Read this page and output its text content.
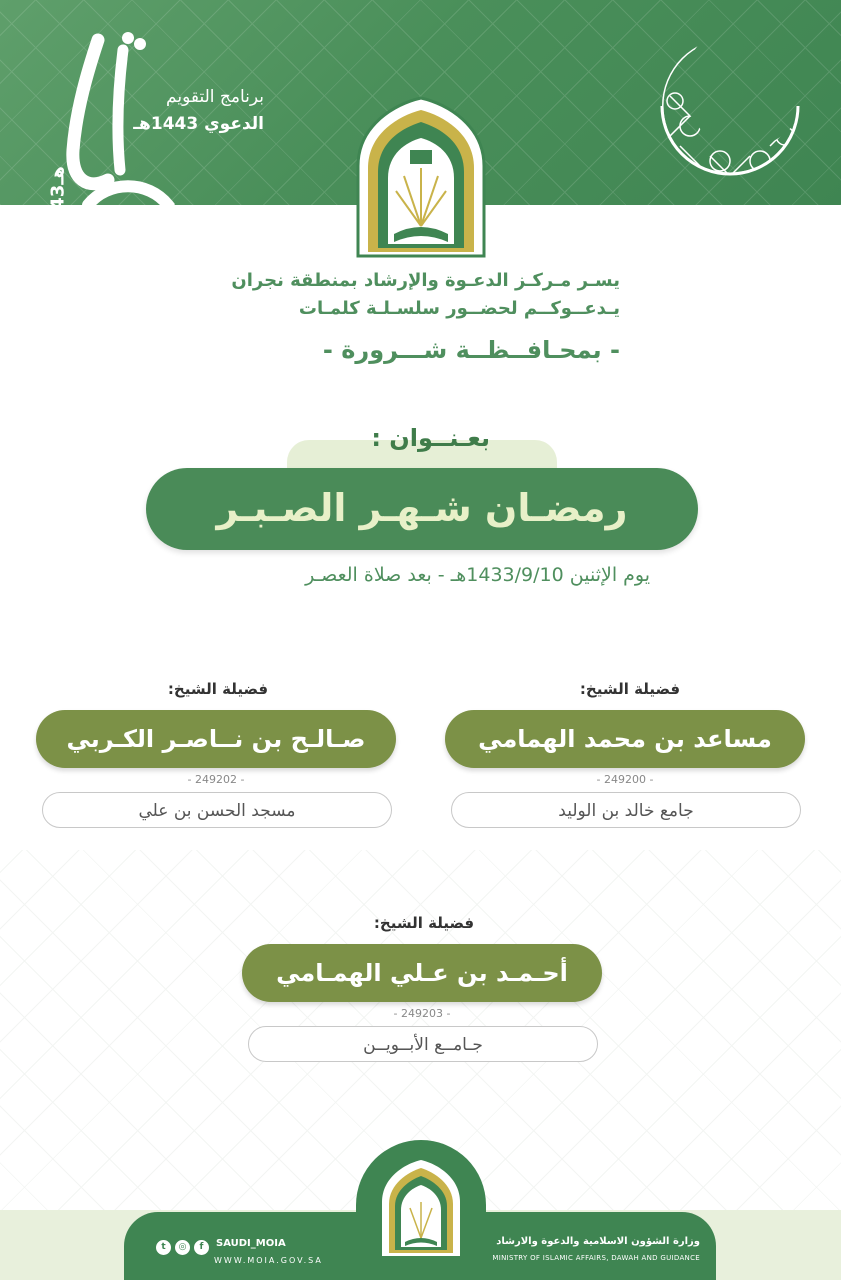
1443هـ
برنامج التقويم
الدعوي 1443هـ
يسـر مـركـز الدعـوة والإرشاد بمنطقة نجران
يـدعــوكــم لحضــور سلسـلـة كلمـات
- بمحـافــظــة شـــرورة -
بعـنــوان :
رمضـان شـهـر الصـبـر
يوم الإثنين 1433/9/10هـ - بعد صلاة العصـر
فضيلة الشيخ:
مساعد بن محمد الهمامي
- 249200 -
جامع خالد بن الوليد
فضيلة الشيخ:
صـالـح بن نــاصـر الكـربي
- 249202 -
مسجد الحسن بن علي
فضيلة الشيخ:
أحـمـد بن عـلي الهمـامي
- 249203 -
جـامــع الأبــويــن
وزارة الشؤون الاسلامية والدعوة والارشاد
MINISTRY OF ISLAMIC AFFAIRS, DAWAH AND GUIDANCE
SAUDI_MOIA
WWW.MOIA.GOV.SA
t	◎	f
